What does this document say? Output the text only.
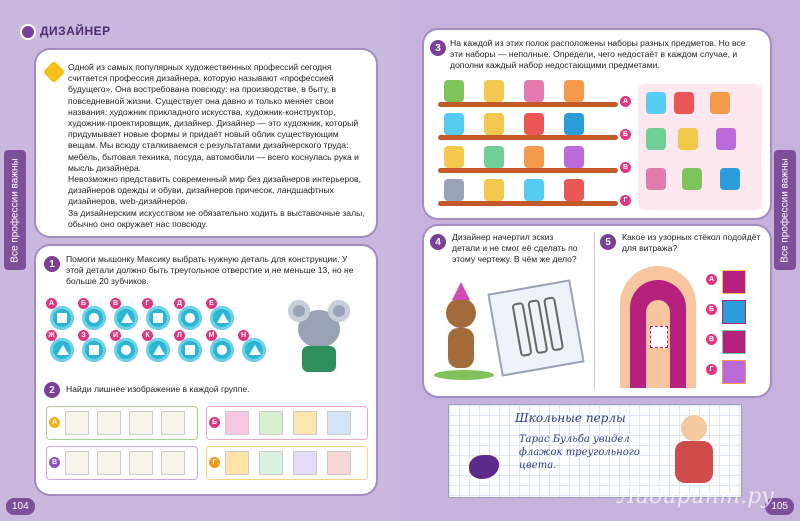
Все профессии важны
ДИЗАЙНЕР

Одной из самых популярных художественных профессий сегодня считается профессия дизайнера, которую называют «профессией будущего». Она востребована повсюду: на производстве, в быту, в повседневной жизни. Существует она давно и только меняет свои названия: художник прикладного искусства, художник-конструктор, художник-проектировщик, дизайнер. Дизайнер — это художник, который придумывает новые формы и придаёт новый облик существующим вещам. Мы всюду сталкиваемся с результатами дизайнерского труда: мебель, бытовая техника, посуда, автомобили — всего коснулась рука и мысль дизайнера.

Невозможно представить современный мир без дизайнеров интерьеров, дизайнеров одежды и обуви, дизайнеров причесок, ландшафтных дизайнеров, web-дизайнеров.

За дизайнерским искусством не обязательно ходить в выставочные залы, обычно оно окружает нас повсюду.

1	Помоги мышонку Максику выбрать нужную деталь для конструкции. У этой детали должно быть треугольное отверстие и не меньше 13, но не больше 20 зубчиков.
А	Б	В	Г	Д	Е
Ж	З	И	К	Л	М	Н
2	Найди лишнее изображение в каждой группе.
А	Б
В	Г
104
Все профессии важны
3	На каждой из этих полок расположены наборы разных предметов. Но все эти наборы — неполные. Определи, чего недостаёт в каждом случае, и дополни каждый набор недостающими предметами.
А
Б
В
Г
4	Дизайнер начертил эскиз детали и не смог её сделать по этому чертежу. В чём же дело?
5	Какое из узорных стёкол подойдёт для витража?
А
Б
В
Г
Школьные перлы
Тарас Бульба увидел флажок треугольного цвета.
105
Лабиринт.ру
